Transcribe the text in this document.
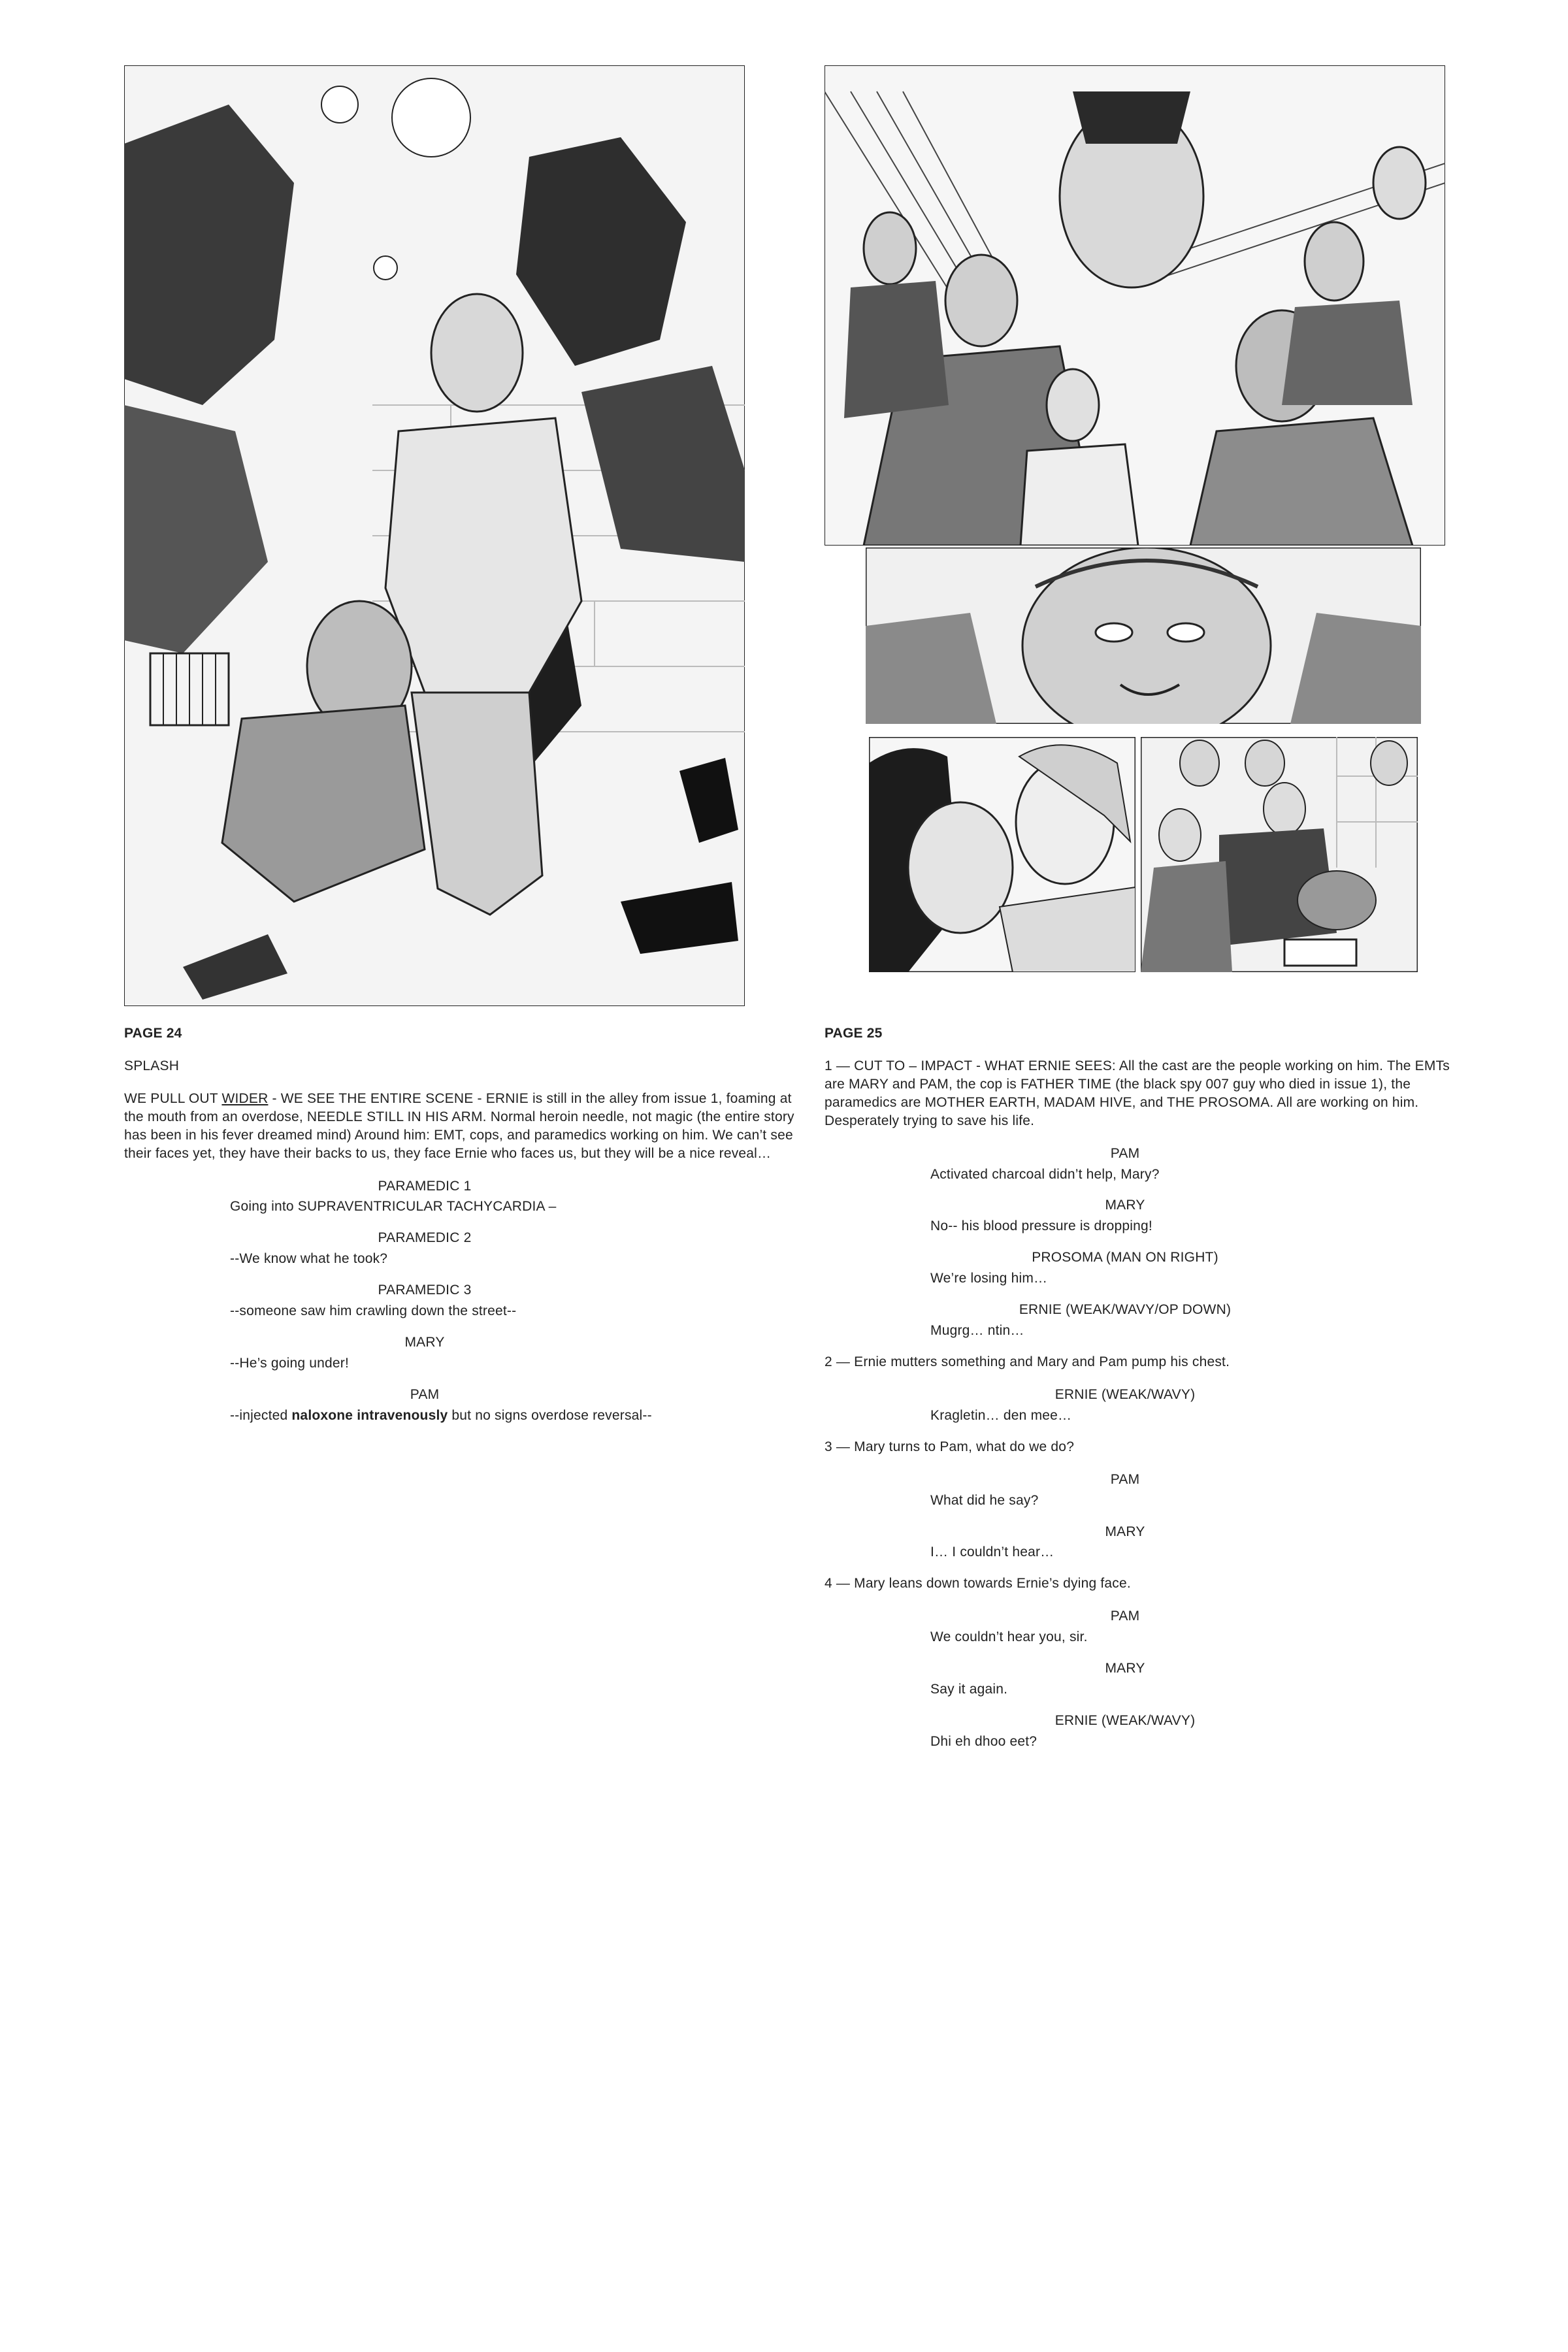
PAGE 24

SPLASH

WE PULL OUT WIDER - WE SEE THE ENTIRE SCENE - ERNIE is still in the alley from issue 1, foaming at the mouth from an overdose, NEEDLE STILL IN HIS ARM. Normal heroin needle, not magic (the entire story has been in his fever dreamed mind) Around him: EMT, cops, and paramedics working on him. We can’t see their faces yet, they have their backs to us, they face Ernie who faces us, but they will be a nice reveal…

PARAMEDIC 1

Going into SUPRAVENTRICULAR TACHYCARDIA –

PARAMEDIC 2

--We know what he took?

PARAMEDIC 3

--someone saw him crawling down the street--

MARY

--He’s going under!

PAM

--injected naloxone intravenously but no signs overdose reversal--

PAGE 25

1 — CUT TO – IMPACT - WHAT ERNIE SEES: All the cast are the people working on him. The EMTs are MARY and PAM, the cop is FATHER TIME (the black spy 007 guy who died in issue 1), the paramedics are MOTHER EARTH, MADAM HIVE, and THE PROSOMA. All are working on him. Desperately trying to save his life.

PAM

Activated charcoal didn’t help, Mary?

MARY

No-- his blood pressure is dropping!

PROSOMA (MAN ON RIGHT)

We’re losing him…

ERNIE (WEAK/WAVY/OP DOWN)

Mugrg… ntin…

2 — Ernie mutters something and Mary and Pam pump his chest.

ERNIE (WEAK/WAVY)

Kragletin… den mee…

3 — Mary turns to Pam, what do we do?

PAM

What did he say?

MARY

I… I couldn’t hear…

4 — Mary leans down towards Ernie’s dying face.

PAM

We couldn’t hear you, sir.

MARY

Say it again.

ERNIE (WEAK/WAVY)

Dhi eh dhoo eet?
